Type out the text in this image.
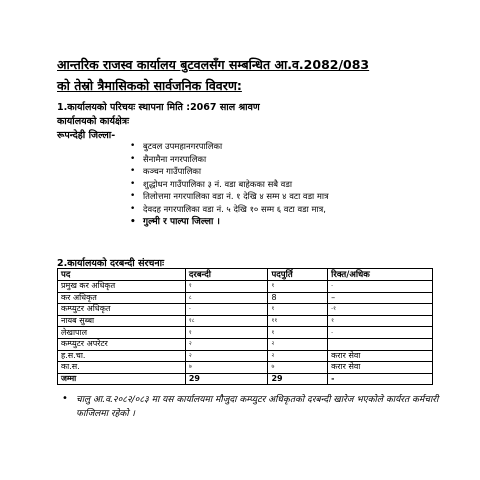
आन्तरिक राजस्व कार्यालय बुटवलसँग सम्बन्धित आ.व.2082/083
को तेस्रो त्रैमासिकको सार्वजनिक विवरण:
1.कार्यालयको परिचयः स्थापना मिति :2067 साल श्रावण
कार्यालयको कार्यक्षेत्रः
रूपन्देही जिल्ला-
• बुटवल उपमहानगरपालिका
• सैनामैना नगरपालिका
• कञ्चन गाउँपालिका
• शुद्धोधन गाउँपालिका ३ नं. वडा बाहेकका सबै वडा
• तिलोत्तमा नगरपालिका वडा नं. १ देखि ४ सम्म ४ वटा वडा मात्र
• देवदह नगरपालिका वडा नं. ५ देखि १० सम्म ६ वटा वडा मात्र,
• गुल्मी र पाल्पा जिल्ला ।
2.कार्यालयको दरबन्दी संरचनाः
पद	दरबन्दी	पदपुर्ति	रिक्त/अधिक
प्रमुख कर अधिकृत	१	१	-
कर अधिकृत	८	8	–
कम्प्युटर अधिकृत	-	१	-१
नायब सुब्बा	१८	११	१
लेखापाल	१	१	-
कम्प्युटर अपरेटर	२	२	
ह.स.चा.	२	२	करार सेवा
का.स.	७	७	करार सेवा
जम्मा	29	29	-
• चालु आ.व.२०८२/०८३ मा यस कार्यालयमा मौजुदा कम्प्युटर अधिकृतको दरबन्दी खारेज भएकोले कार्यरत कर्मचारी फाजिलमा रहेको ।
